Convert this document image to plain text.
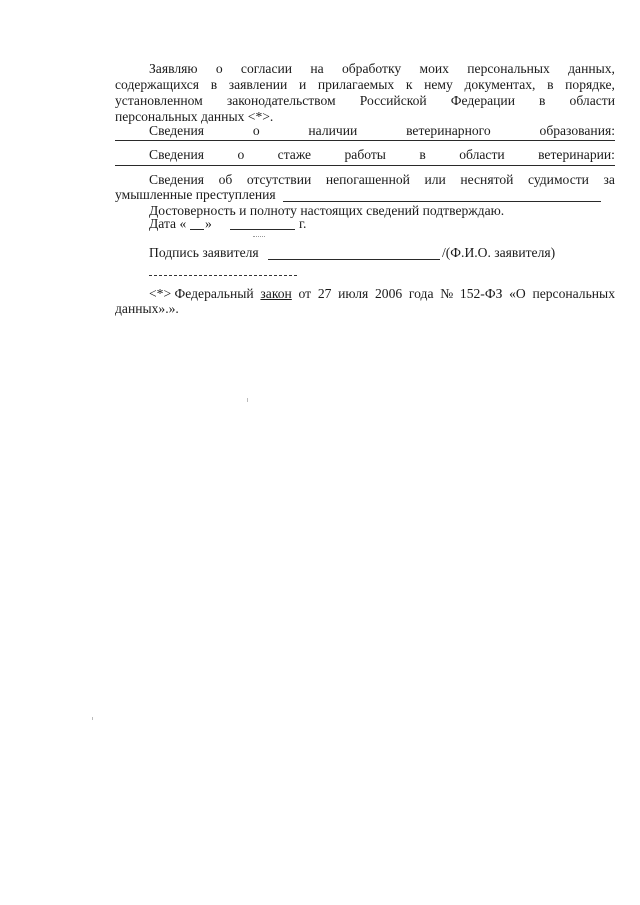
Заявляю о согласии на обработку моих персональных данных,
содержащихся в заявлении и прилагаемых к нему документах, в порядке,
установленном законодательством Российской Федерации в области
персональных данных <*>.
Сведения	о	наличии	ветеринарного	образования:
Сведения о стаже работы в области ветеринарии:
Сведения об отсутствии непогашенной или неснятой судимости за
умышленные преступления
Достоверность и полноту настоящих сведений подтверждаю.
Дата « »	г.
Подпись заявителя	/(Ф.И.О. заявителя)
<*> Федеральный закон от 27 июля 2006 года № 152-ФЗ «О персональных
данных».».
